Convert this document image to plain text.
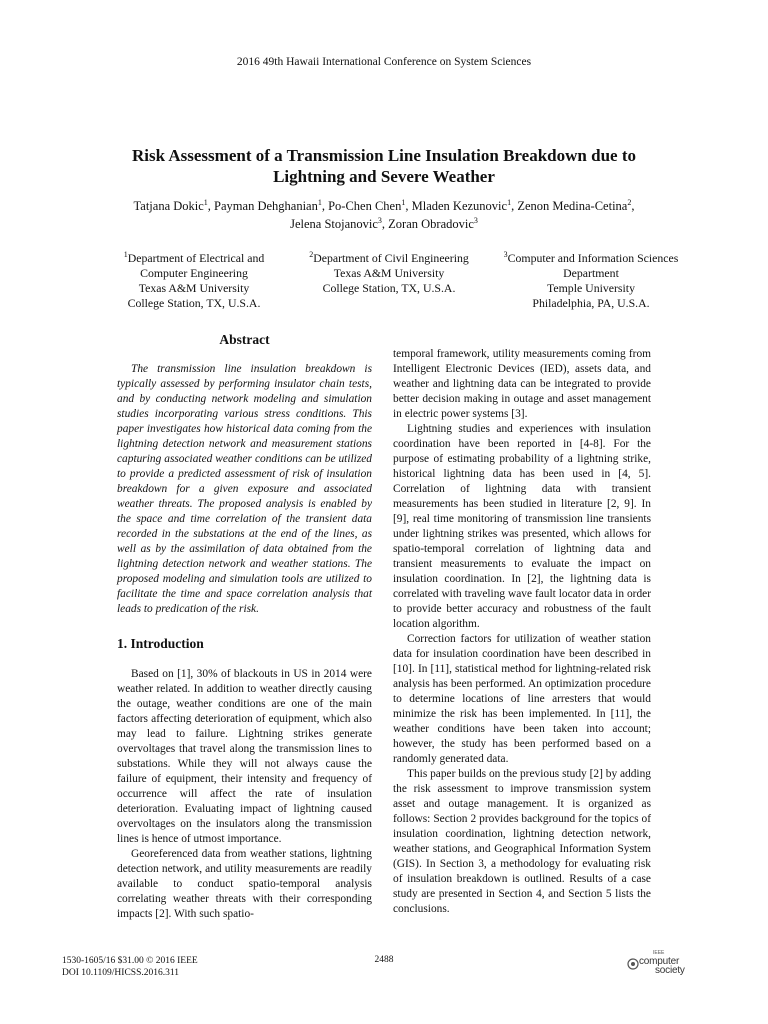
2016 49th Hawaii International Conference on System Sciences
Risk Assessment of a Transmission Line Insulation Breakdown due to
Lightning and Severe Weather
Tatjana Dokic$^1$, Payman Dehghanian$^1$, Po-Chen Chen$^1$, Mladen Kezunovic$^1$, Zenon Medina-Cetina$^2$,
Jelena Stojanovic$^3$, Zoran Obradovic$^3$
$^1$Department of Electrical and
Computer Engineering
Texas A&M University
College Station, TX, U.S.A.
$^2$Department of Civil Engineering
Texas A&M University
College Station, TX, U.S.A.
$^3$Computer and Information Sciences
Department
Temple University
Philadelphia, PA, U.S.A.
Abstract

The transmission line insulation breakdown is typically assessed by performing insulator chain tests, and by conducting network modeling and simulation studies incorporating various stress conditions. This paper investigates how historical data coming from the lightning detection network and measurement stations capturing associated weather conditions can be utilized to provide a predicted assessment of risk of insulation breakdown for a given exposure and associated weather threats. The proposed analysis is enabled by the space and time correlation of the transient data recorded in the substations at the end of the lines, as well as by the assimilation of data obtained from the lightning detection network and weather stations. The proposed modeling and simulation tools are utilized to facilitate the time and space correlation analysis that leads to predication of the risk.

1. Introduction

Based on [1], 30% of blackouts in US in 2014 were weather related. In addition to weather directly causing the outage, weather conditions are one of the main factors affecting deterioration of equipment, which also may lead to failure. Lightning strikes generate overvoltages that travel along the transmission lines to substations. While they will not always cause the failure of equipment, their intensity and frequency of occurrence will affect the rate of insulation deterioration. Evaluating impact of lightning caused overvoltages on the insulators along the transmission lines is hence of utmost importance.

Georeferenced data from weather stations, lightning detection network, and utility measurements are readily available to conduct spatio-temporal analysis correlating weather threats with their corresponding impacts [2]. With such spatio-

temporal framework, utility measurements coming from Intelligent Electronic Devices (IED), assets data, and weather and lightning data can be integrated to provide better decision making in outage and asset management in electric power systems [3].

Lightning studies and experiences with insulation coordination have been reported in [4-8]. For the purpose of estimating probability of a lightning strike, historical lightning data has been used in [4, 5]. Correlation of lightning data with transient measurements has been studied in literature [2, 9]. In [9], real time monitoring of transmission line transients under lightning strikes was presented, which allows for spatio-temporal correlation of lightning data and transient measurements to evaluate the impact on insulation coordination. In [2], the lightning data is correlated with traveling wave fault locator data in order to provide better accuracy and robustness of the fault location algorithm.

Correction factors for utilization of weather station data for insulation coordination have been described in [10]. In [11], statistical method for lightning-related risk analysis has been performed. An optimization procedure to determine locations of line arresters that would minimize the risk has been implemented. In [11], the weather conditions have been taken into account; however, the study has been performed based on a randomly generated data.

This paper builds on the previous study [2] by adding the risk assessment to improve transmission system asset and outage management. It is organized as follows: Section 2 provides background for the topics of insulation coordination, lightning detection network, weather stations, and Geographical Information System (GIS). In Section 3, a methodology for evaluating risk of insulation breakdown is outlined. Results of a case study are presented in Section 4, and Section 5 lists the conclusions.

1530-1605/16 $31.00 © 2016 IEEE
DOI 10.1109/HICSS.2016.311
2488
IEEE
computer
society
